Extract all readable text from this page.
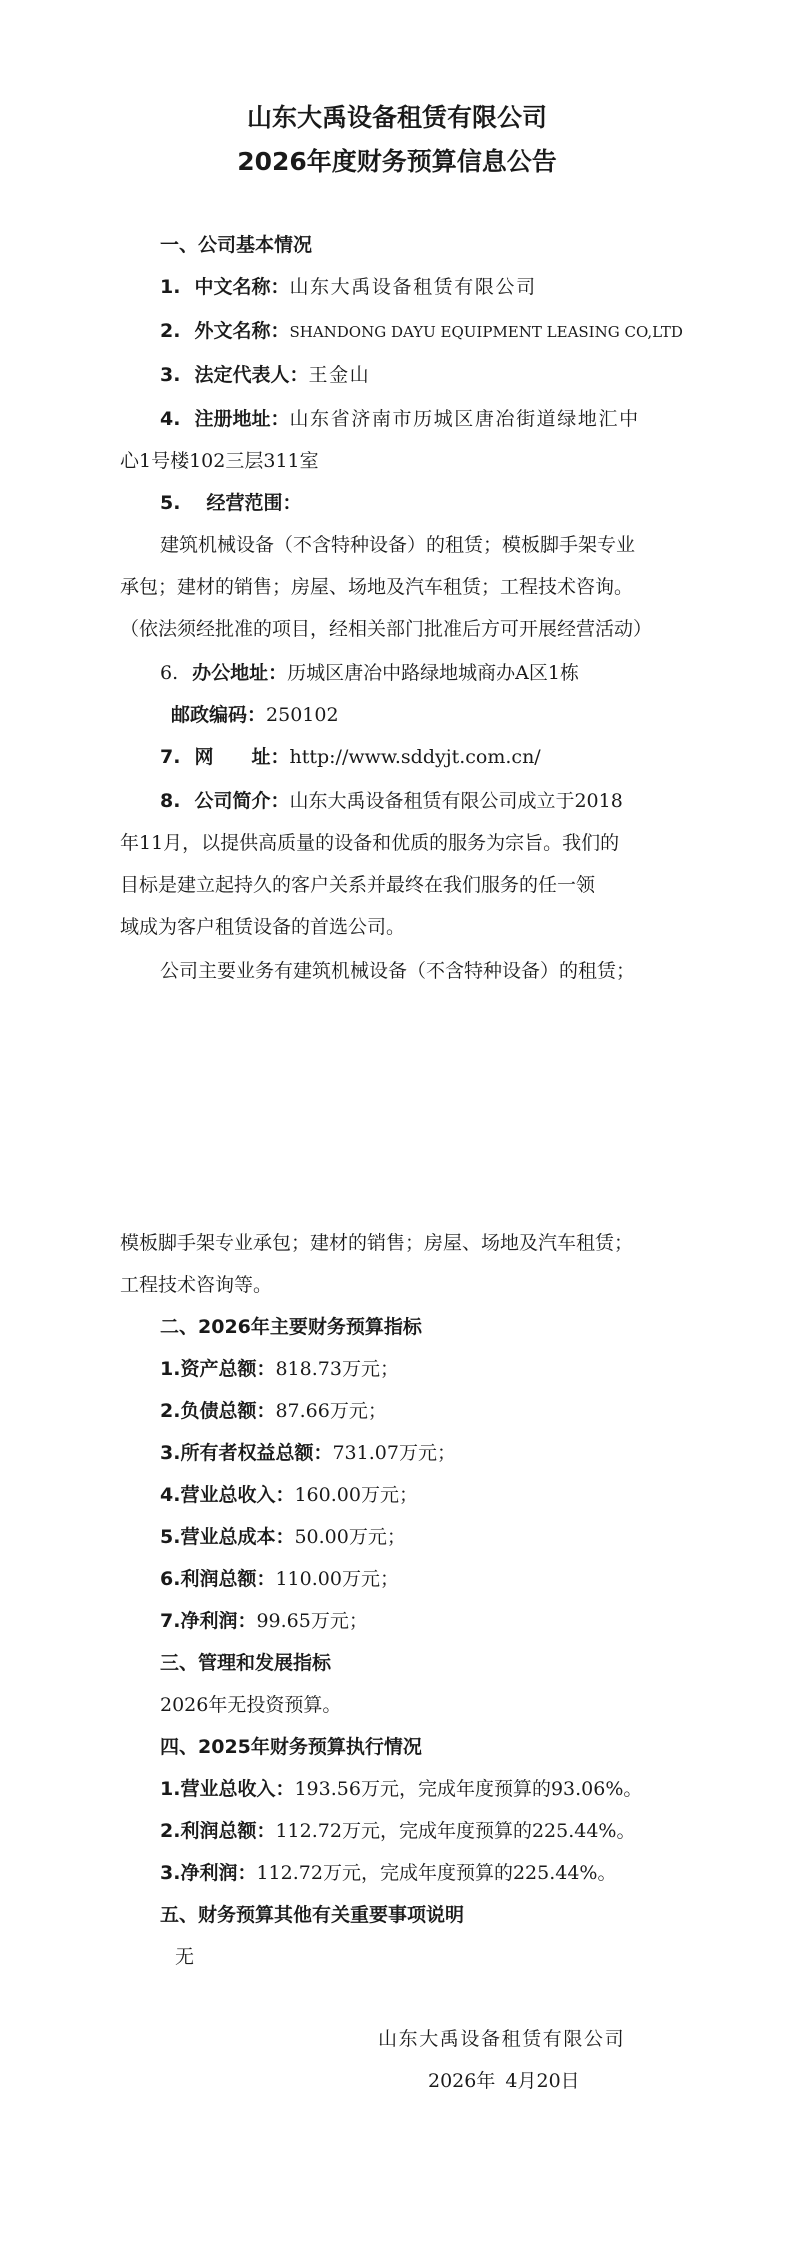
山东大禹设备租赁有限公司
2026年度财务预算信息公告
一、公司基本情况
1. 中文名称：山东大禹设备租赁有限公司
2. 外文名称：SHANDONG DAYU EQUIPMENT LEASING CO,LTD
3. 法定代表人：王金山
4. 注册地址：山东省济南市历城区唐冶街道绿地汇中
心1号楼102三层311室
5. 经营范围：
建筑机械设备（不含特种设备）的租赁；模板脚手架专业
承包；建材的销售；房屋、场地及汽车租赁；工程技术咨询。
（依法须经批准的项目，经相关部门批准后方可开展经营活动）
6. 办公地址：历城区唐冶中路绿地城商办A区1栋
邮政编码：250102
7. 网　　址：http://www.sddyjt.com.cn/
8. 公司简介：山东大禹设备租赁有限公司成立于2018
年11月，以提供高质量的设备和优质的服务为宗旨。我们的
目标是建立起持久的客户关系并最终在我们服务的任一领
域成为客户租赁设备的首选公司。
公司主要业务有建筑机械设备（不含特种设备）的租赁；
模板脚手架专业承包；建材的销售；房屋、场地及汽车租赁；
工程技术咨询等。
二、2026年主要财务预算指标
1.资产总额：818.73万元；
2.负债总额：87.66万元；
3.所有者权益总额：731.07万元；
4.营业总收入：160.00万元；
5.营业总成本：50.00万元；
6.利润总额：110.00万元；
7.净利润：99.65万元；
三、管理和发展指标
2026年无投资预算。
四、2025年财务预算执行情况
1.营业总收入：193.56万元，完成年度预算的93.06%。
2.利润总额：112.72万元，完成年度预算的225.44%。
3.净利润：112.72万元，完成年度预算的225.44%。
五、财务预算其他有关重要事项说明
无
山东大禹设备租赁有限公司
2026年 4月20日
